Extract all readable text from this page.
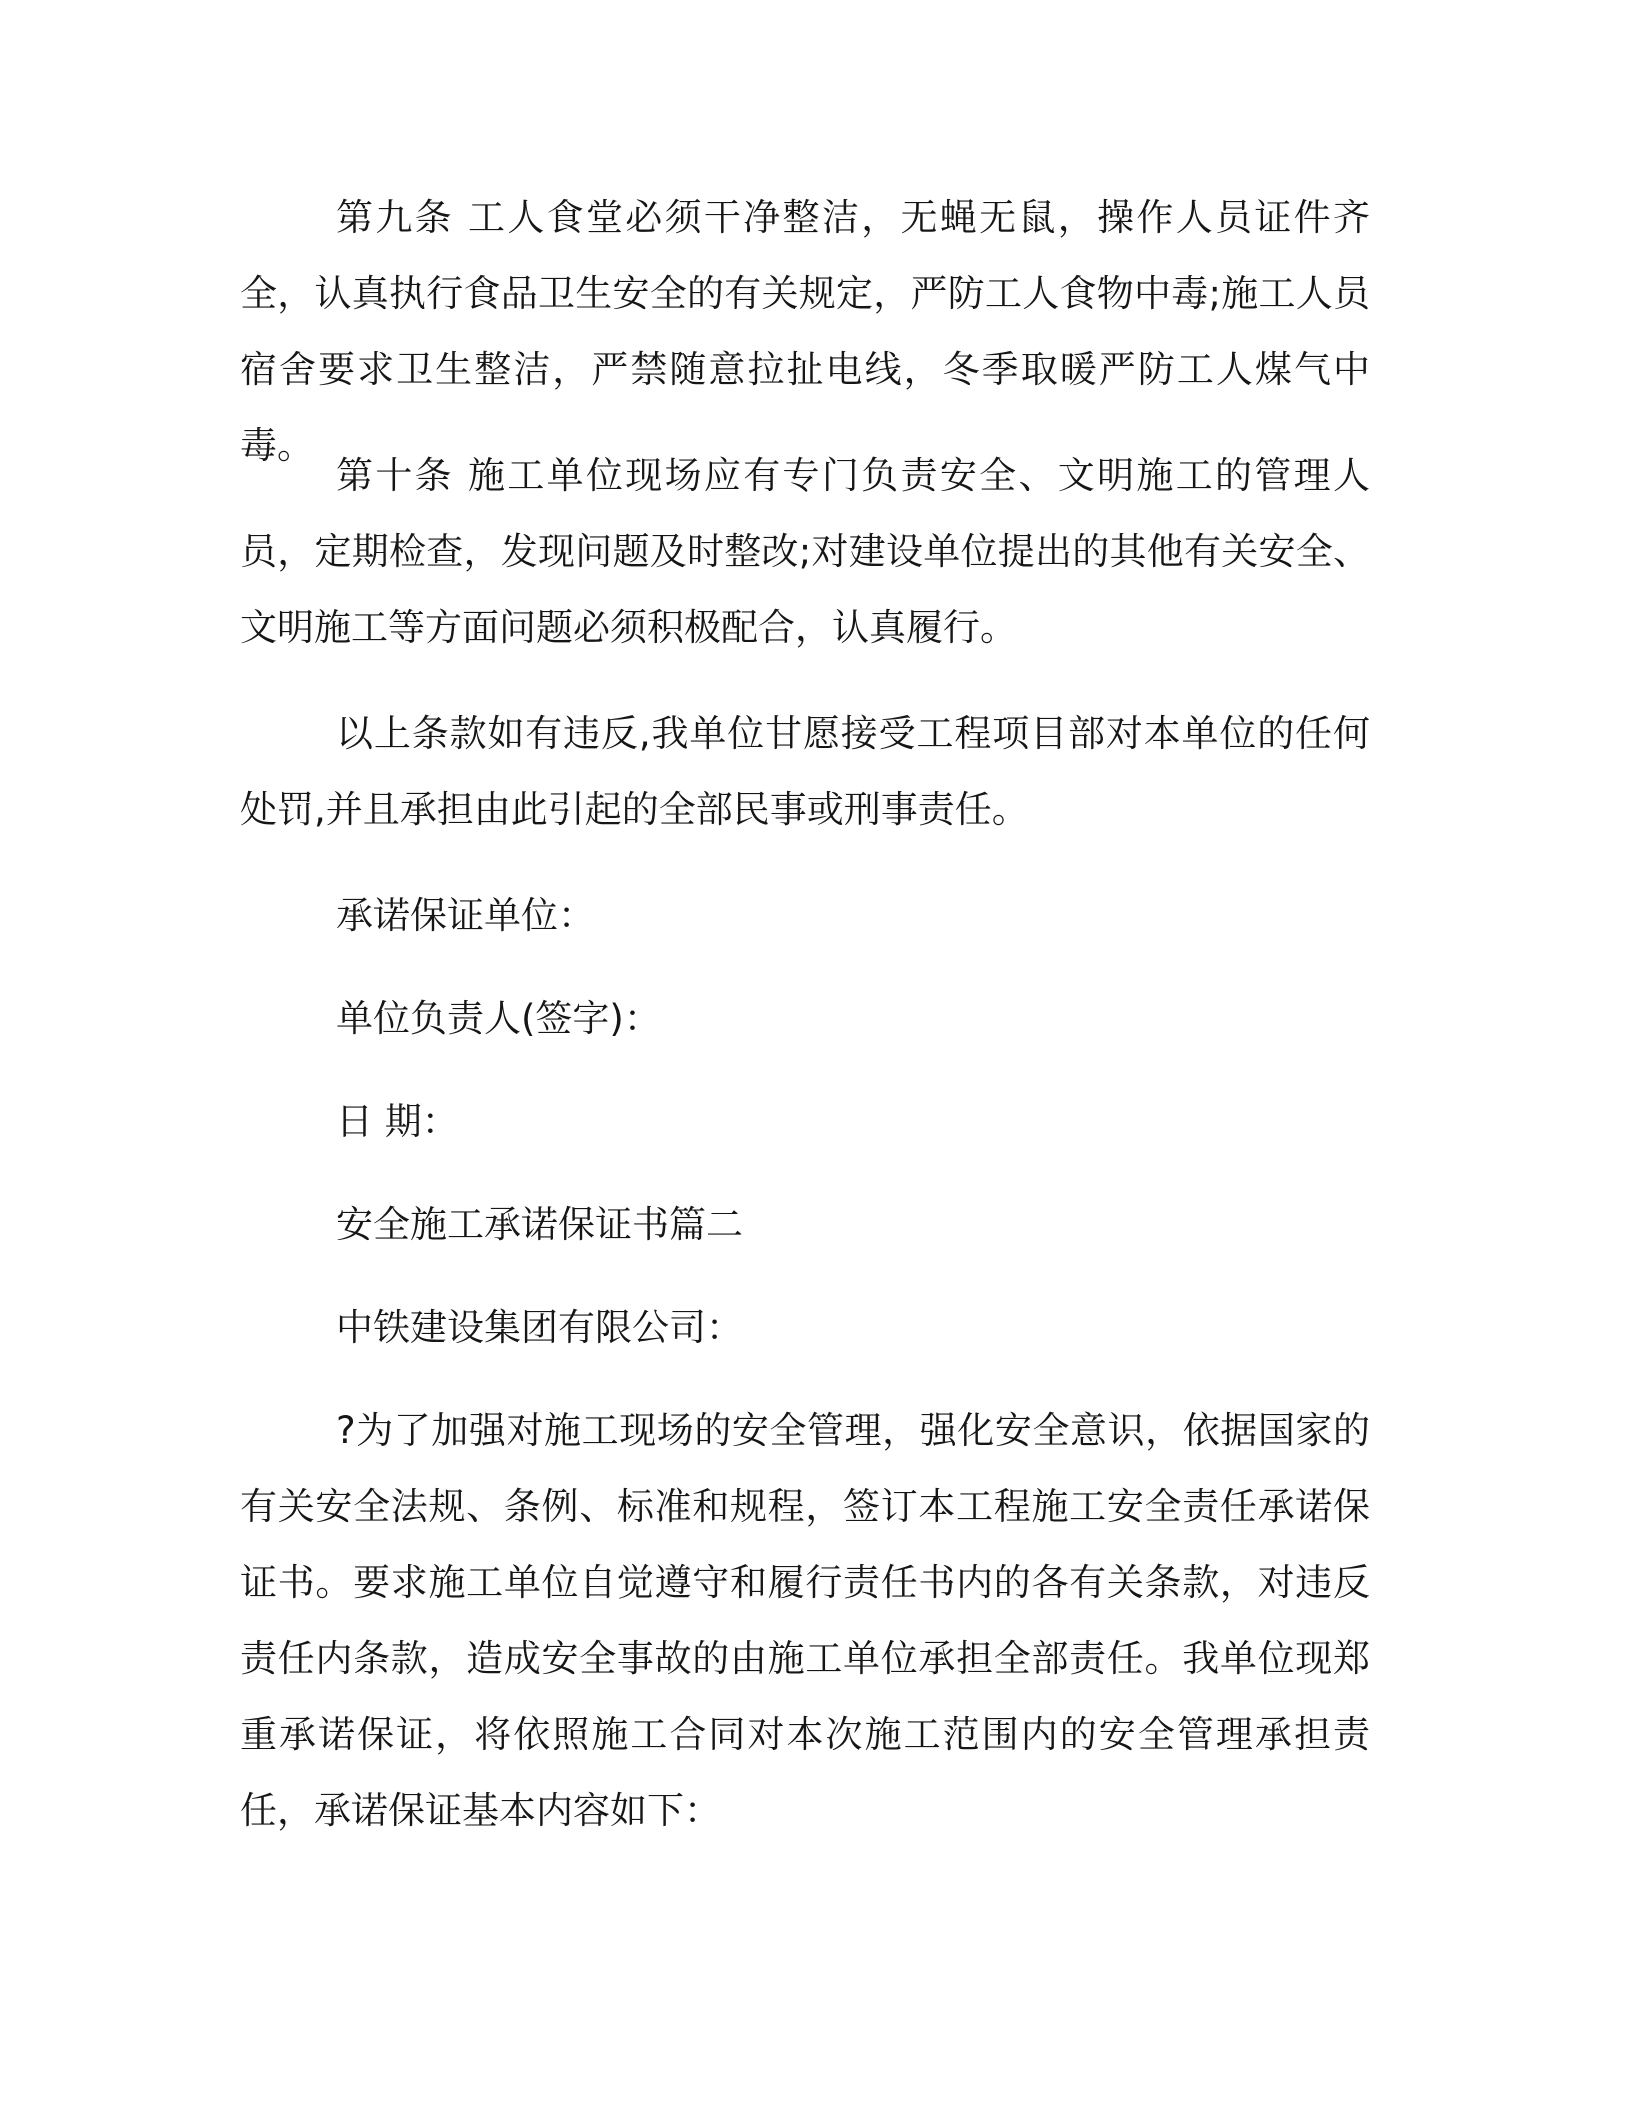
第九条 工人食堂必须干净整洁，无蝇无鼠，操作人员证件齐全，认真执行食品卫生安全的有关规定，严防工人食物中毒;施工人员宿舍要求卫生整洁，严禁随意拉扯电线，冬季取暖严防工人煤气中毒。

第十条 施工单位现场应有专门负责安全、文明施工的管理人员，定期检查，发现问题及时整改;对建设单位提出的其他有关安全、文明施工等方面问题必须积极配合，认真履行。

以上条款如有违反,我单位甘愿接受工程项目部对本单位的任何处罚,并且承担由此引起的全部民事或刑事责任。

承诺保证单位：

单位负责人(签字)：

日 期：

安全施工承诺保证书篇二

中铁建设集团有限公司：

?为了加强对施工现场的安全管理，强化安全意识，依据国家的有关安全法规、条例、标准和规程，签订本工程施工安全责任承诺保证书。要求施工单位自觉遵守和履行责任书内的各有关条款，对违反责任内条款，造成安全事故的由施工单位承担全部责任。我单位现郑重承诺保证，将依照施工合同对本次施工范围内的安全管理承担责任，承诺保证基本内容如下：
